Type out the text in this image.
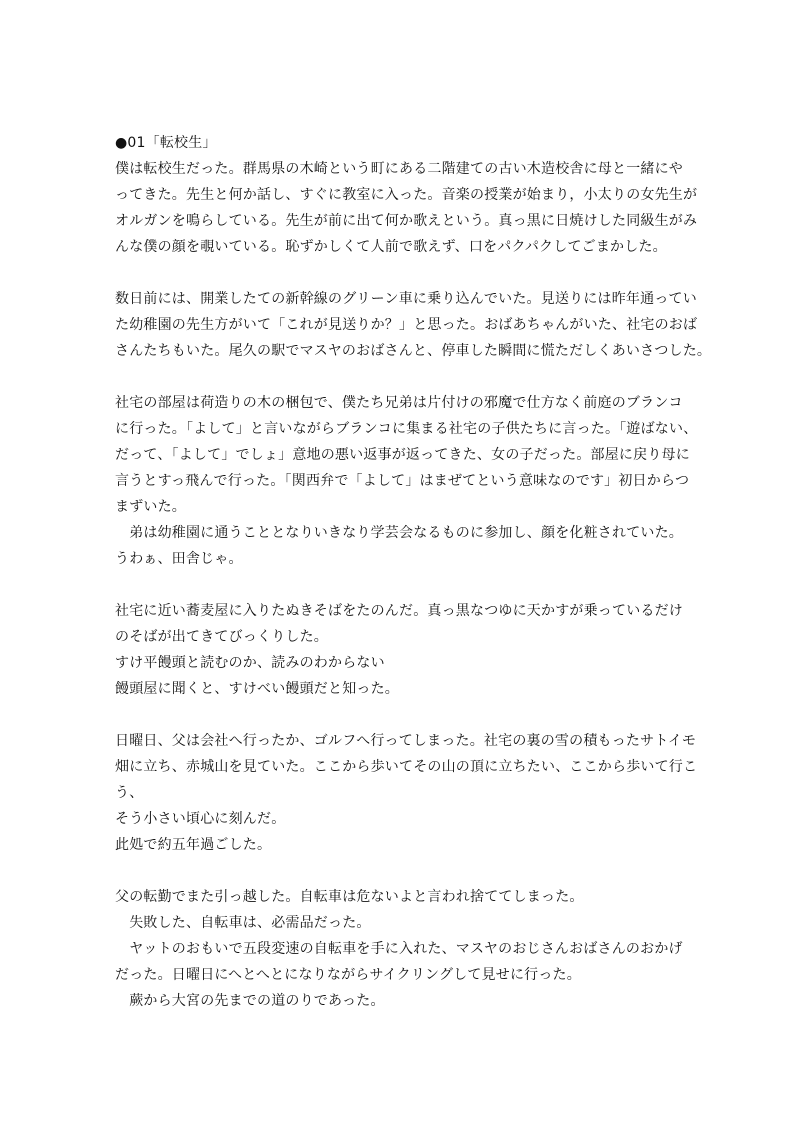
●01「転校生」
僕は転校生だった。群馬県の木崎という町にある二階建ての古い木造校舎に母と一緒にや
ってきた。先生と何か話し、すぐに教室に入った。音楽の授業が始まり，小太りの女先生が
オルガンを鳴らしている。先生が前に出て何か歌えという。真っ黒に日焼けした同級生がみ
んな僕の顔を覗いている。恥ずかしくて人前で歌えず、口をパクパクしてごまかした。
数日前には、開業したての新幹線のグリーン車に乗り込んでいた。見送りには昨年通ってい
た幼稚園の先生方がいて「これが見送りか？」と思った。おばあちゃんがいた、社宅のおば
さんたちもいた。尾久の駅でマスヤのおばさんと、停車した瞬間に慌ただしくあいさつした。
社宅の部屋は荷造りの木の梱包で、僕たち兄弟は片付けの邪魔で仕方なく前庭のブランコ
に行った。「よして」と言いながらブランコに集まる社宅の子供たちに言った。「遊ばない、
だって、「よして」でしょ」意地の悪い返事が返ってきた、女の子だった。部屋に戻り母に
言うとすっ飛んで行った。「関西弁で「よして」はまぜてという意味なのです」初日からつ
まずいた。
　弟は幼稚園に通うこととなりいきなり学芸会なるものに参加し、顔を化粧されていた。
うわぁ、田舎じゃ。
社宅に近い蕎麦屋に入りたぬきそばをたのんだ。真っ黒なつゆに天かすが乗っているだけ
のそばが出てきてびっくりした。
すけ平饅頭と読むのか、読みのわからない
饅頭屋に聞くと、すけべい饅頭だと知った。
日曜日、父は会社へ行ったか、ゴルフへ行ってしまった。社宅の裏の雪の積もったサトイモ
畑に立ち、赤城山を見ていた。ここから歩いてその山の頂に立ちたい、ここから歩いて行こ
う、
そう小さい頃心に刻んだ。
此処で約五年過ごした。
父の転勤でまた引っ越した。自転車は危ないよと言われ捨ててしまった。
　失敗した、自転車は、必需品だった。
　ヤットのおもいで五段変速の自転車を手に入れた、マスヤのおじさんおばさんのおかげ
だった。日曜日にへとへとになりながらサイクリングして見せに行った。
　蕨から大宮の先までの道のりであった。
